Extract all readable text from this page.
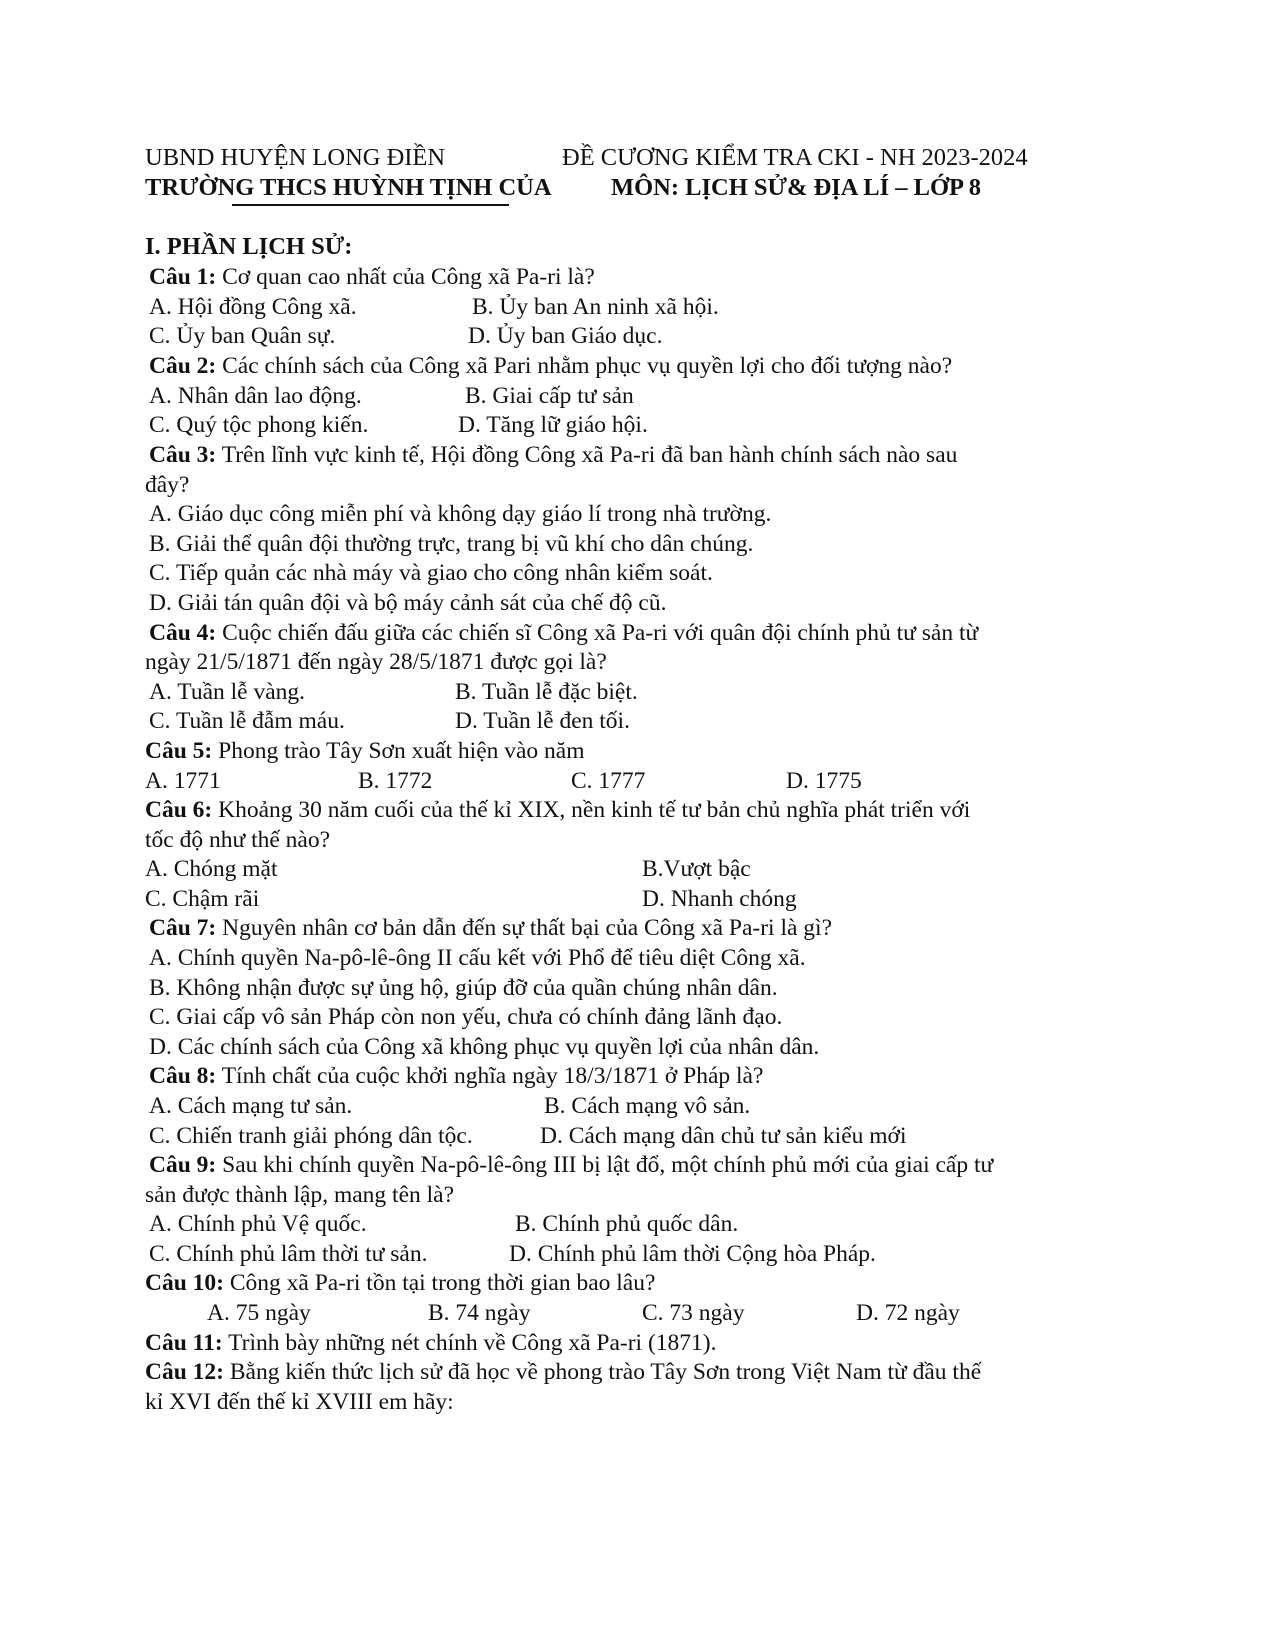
UBND HUYỆN LONG ĐIỀN	ĐỀ CƯƠNG KIỂM TRA CKI - NH 2023-2024
TRƯỜNG THCS HUỲNH TỊNH CỦA MÔN: LỊCH SỬ& ĐỊA LÍ – LỚP 8
I. PHẦN LỊCH SỬ:
Câu 1: Cơ quan cao nhất của Công xã Pa-ri là?
A. Hội đồng Công xã.	B. Ủy ban An ninh xã hội.
C. Ủy ban Quân sự.	D. Ủy ban Giáo dục.
Câu 2: Các chính sách của Công xã Pari nhằm phục vụ quyền lợi cho đối tượng nào?
A. Nhân dân lao động.	B. Giai cấp tư sản
C. Quý tộc phong kiến.	D. Tăng lữ giáo hội.
Câu 3: Trên lĩnh vực kinh tế, Hội đồng Công xã Pa-ri đã ban hành chính sách nào sau
đây?
A. Giáo dục công miễn phí và không dạy giáo lí trong nhà trường.
B. Giải thể quân đội thường trực, trang bị vũ khí cho dân chúng.
C. Tiếp quản các nhà máy và giao cho công nhân kiểm soát.
D. Giải tán quân đội và bộ máy cảnh sát của chế độ cũ.
Câu 4: Cuộc chiến đấu giữa các chiến sĩ Công xã Pa-ri với quân đội chính phủ tư sản từ
ngày 21/5/1871 đến ngày 28/5/1871 được gọi là?
A. Tuần lễ vàng.	B. Tuần lễ đặc biệt.
C. Tuần lễ đẫm máu.	D. Tuần lễ đen tối.
Câu 5: Phong trào Tây Sơn xuất hiện vào năm
A. 1771	B. 1772	C. 1777	D. 1775
Câu 6: Khoảng 30 năm cuối của thế kỉ XIX, nền kinh tế tư bản chủ nghĩa phát triển với
tốc độ như thế nào?
A. Chóng mặt	B.Vượt bậc
C. Chậm rãi	D. Nhanh chóng
Câu 7: Nguyên nhân cơ bản dẫn đến sự thất bại của Công xã Pa-ri là gì?
A. Chính quyền Na-pô-lê-ông II cấu kết với Phổ để tiêu diệt Công xã.
B. Không nhận được sự ủng hộ, giúp đỡ của quần chúng nhân dân.
C. Giai cấp vô sản Pháp còn non yếu, chưa có chính đảng lãnh đạo.
D. Các chính sách của Công xã không phục vụ quyền lợi của nhân dân.
Câu 8: Tính chất của cuộc khởi nghĩa ngày 18/3/1871 ở Pháp là?
A. Cách mạng tư sản.	B. Cách mạng vô sản.
C. Chiến tranh giải phóng dân tộc.	D. Cách mạng dân chủ tư sản kiểu mới
Câu 9: Sau khi chính quyền Na-pô-lê-ông III bị lật đổ, một chính phủ mới của giai cấp tư
sản được thành lập, mang tên là?
A. Chính phủ Vệ quốc.	B. Chính phủ quốc dân.
C. Chính phủ lâm thời tư sản.	D. Chính phủ lâm thời Cộng hòa Pháp.
Câu 10: Công xã Pa-ri tồn tại trong thời gian bao lâu?
A. 75 ngày	B. 74 ngày	C. 73 ngày	D. 72 ngày
Câu 11: Trình bày những nét chính về Công xã Pa-ri (1871).
Câu 12: Bằng kiến thức lịch sử đã học về phong trào Tây Sơn trong Việt Nam từ đầu thế
kỉ XVI đến thế kỉ XVIII em hãy:
